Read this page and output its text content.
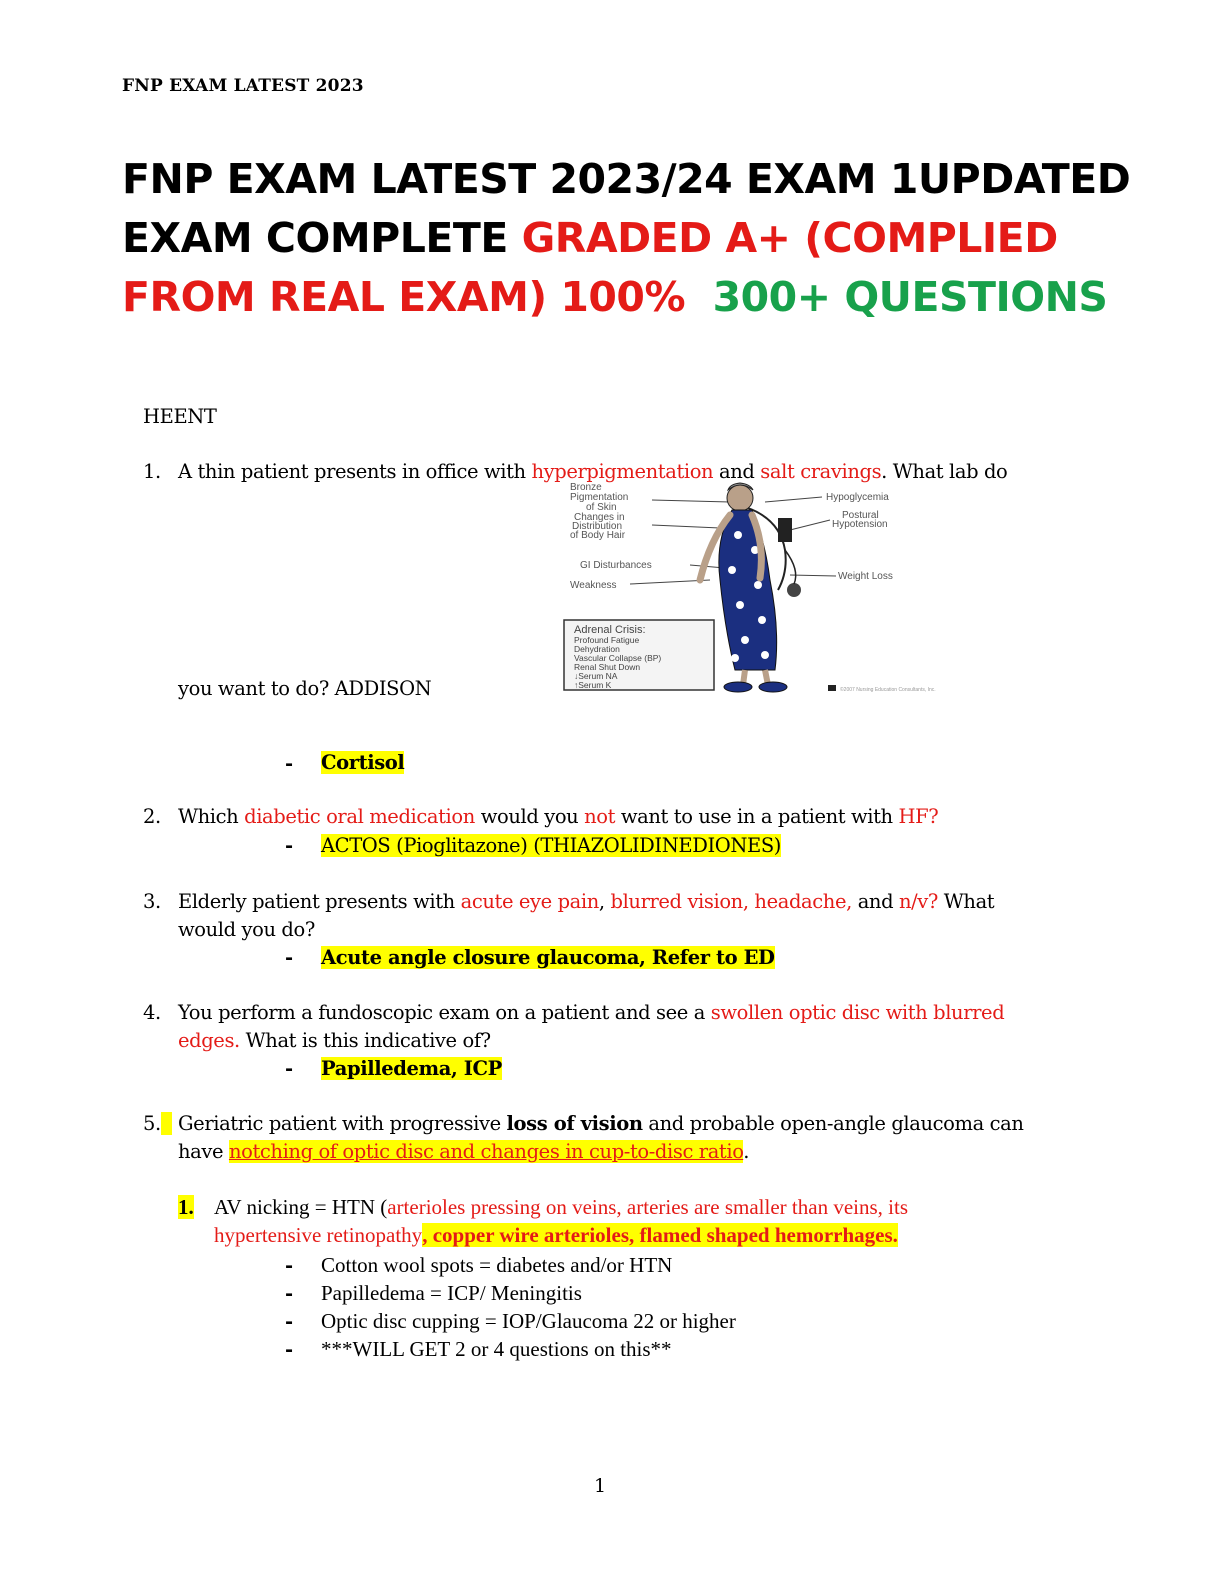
FNP EXAM LATEST 2023
FNP EXAM LATEST 2023/24 EXAM 1UPDATED EXAM COMPLETE GRADED A+ (COMPLIED FROM REAL EXAM) 100% 300+ QUESTIONS
HEENT
1. A thin patient presents in office with hyperpigmentation and salt cravings. What lab do
you want to do? ADDISON
Bronze
Pigmentation
of Skin
Changes in
Distribution
of Body Hair
GI Disturbances
Weakness
Hypoglycemia
Postural
Hypotension
Weight Loss
Adrenal Crisis:
Profound Fatigue
Dehydration
Vascular Collapse (BP)
Renal Shut Down
↓Serum NA
↑Serum K	©2007 Nursing Education Consultants, Inc.
- Cortisol
2. Which diabetic oral medication would you not want to use in a patient with HF?
- ACTOS (Pioglitazone) (THIAZOLIDINEDIONES)
3. Elderly patient presents with acute eye pain, blurred vision, headache, and n/v? What
would you do?
- Acute angle closure glaucoma, Refer to ED
4. You perform a fundoscopic exam on a patient and see a swollen optic disc with blurred
edges. What is this indicative of?
- Papilledema, ICP
5. Geriatric patient with progressive loss of vision and probable open-angle glaucoma can
have notching of optic disc and changes in cup-to-disc ratio.
1. AV nicking = HTN (arterioles pressing on veins, arteries are smaller than veins, its
hypertensive retinopathy, copper wire arterioles, flamed shaped hemorrhages.
- Cotton wool spots = diabetes and/or HTN
- Papilledema = ICP/ Meningitis
- Optic disc cupping = IOP/Glaucoma 22 or higher
- ***WILL GET 2 or 4 questions on this**
1
